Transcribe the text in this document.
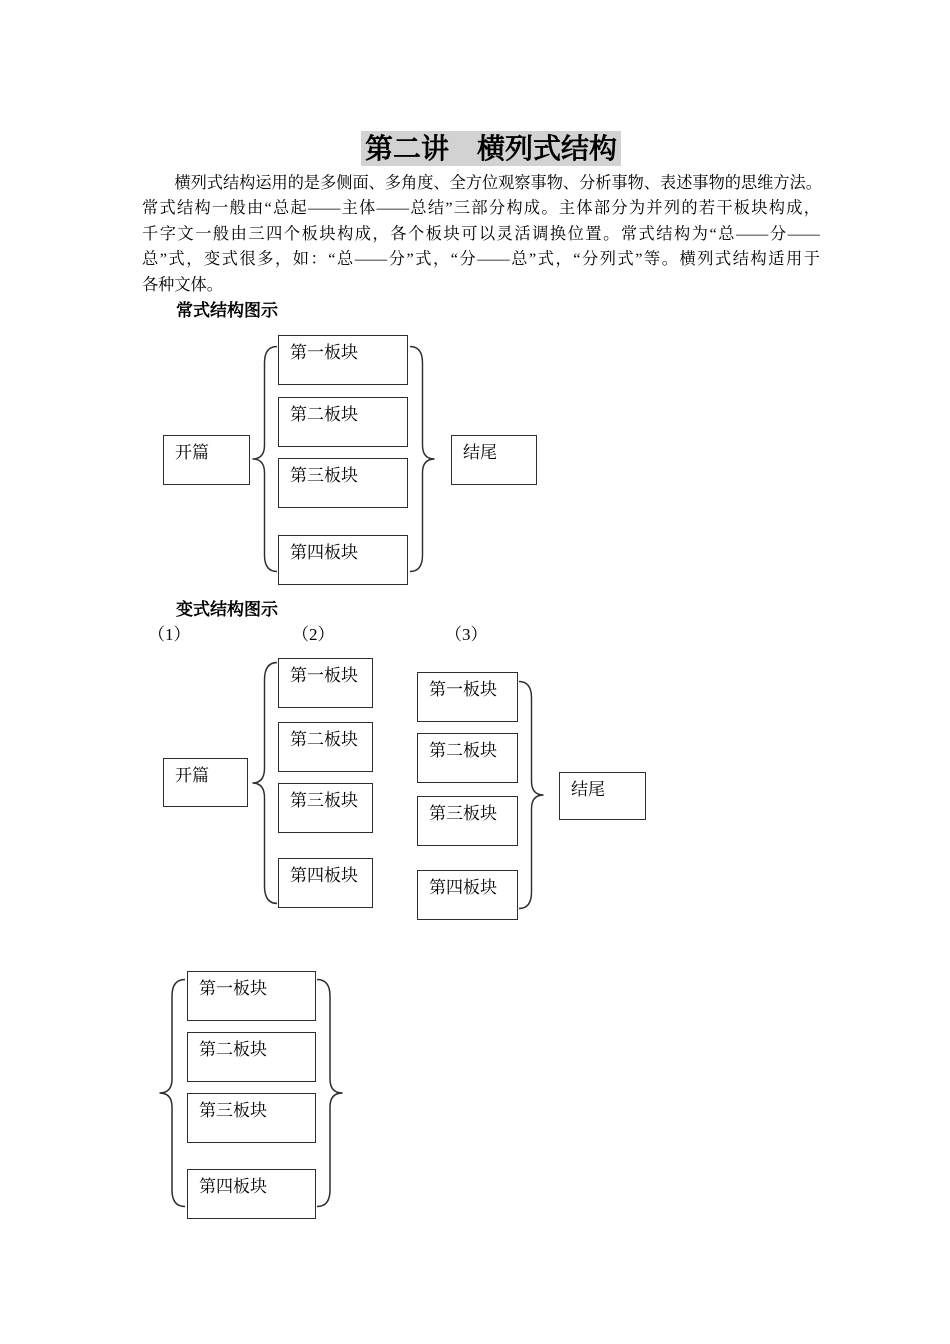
第二讲　横列式结构
横列式结构运用的是多侧面、多角度、全方位观察事物、分析事物、表述事物的思维方法。
常式结构一般由“总起——主体——总结”三部分构成。主体部分为并列的若干板块构成，
千字文一般由三四个板块构成，各个板块可以灵活调换位置。常式结构为“总——分——
总”式，变式很多，如：“总——分”式，“分——总”式，“分列式”等。横列式结构适用于
各种文体。
常式结构图示
开篇
第一板块
第二板块
第三板块
第四板块
结尾
变式结构图示
（1）	（2）	（3）
开篇
第一板块
第二板块
第三板块
第四板块
第一板块
第二板块
第三板块
第四板块
结尾
第一板块
第二板块
第三板块
第四板块
